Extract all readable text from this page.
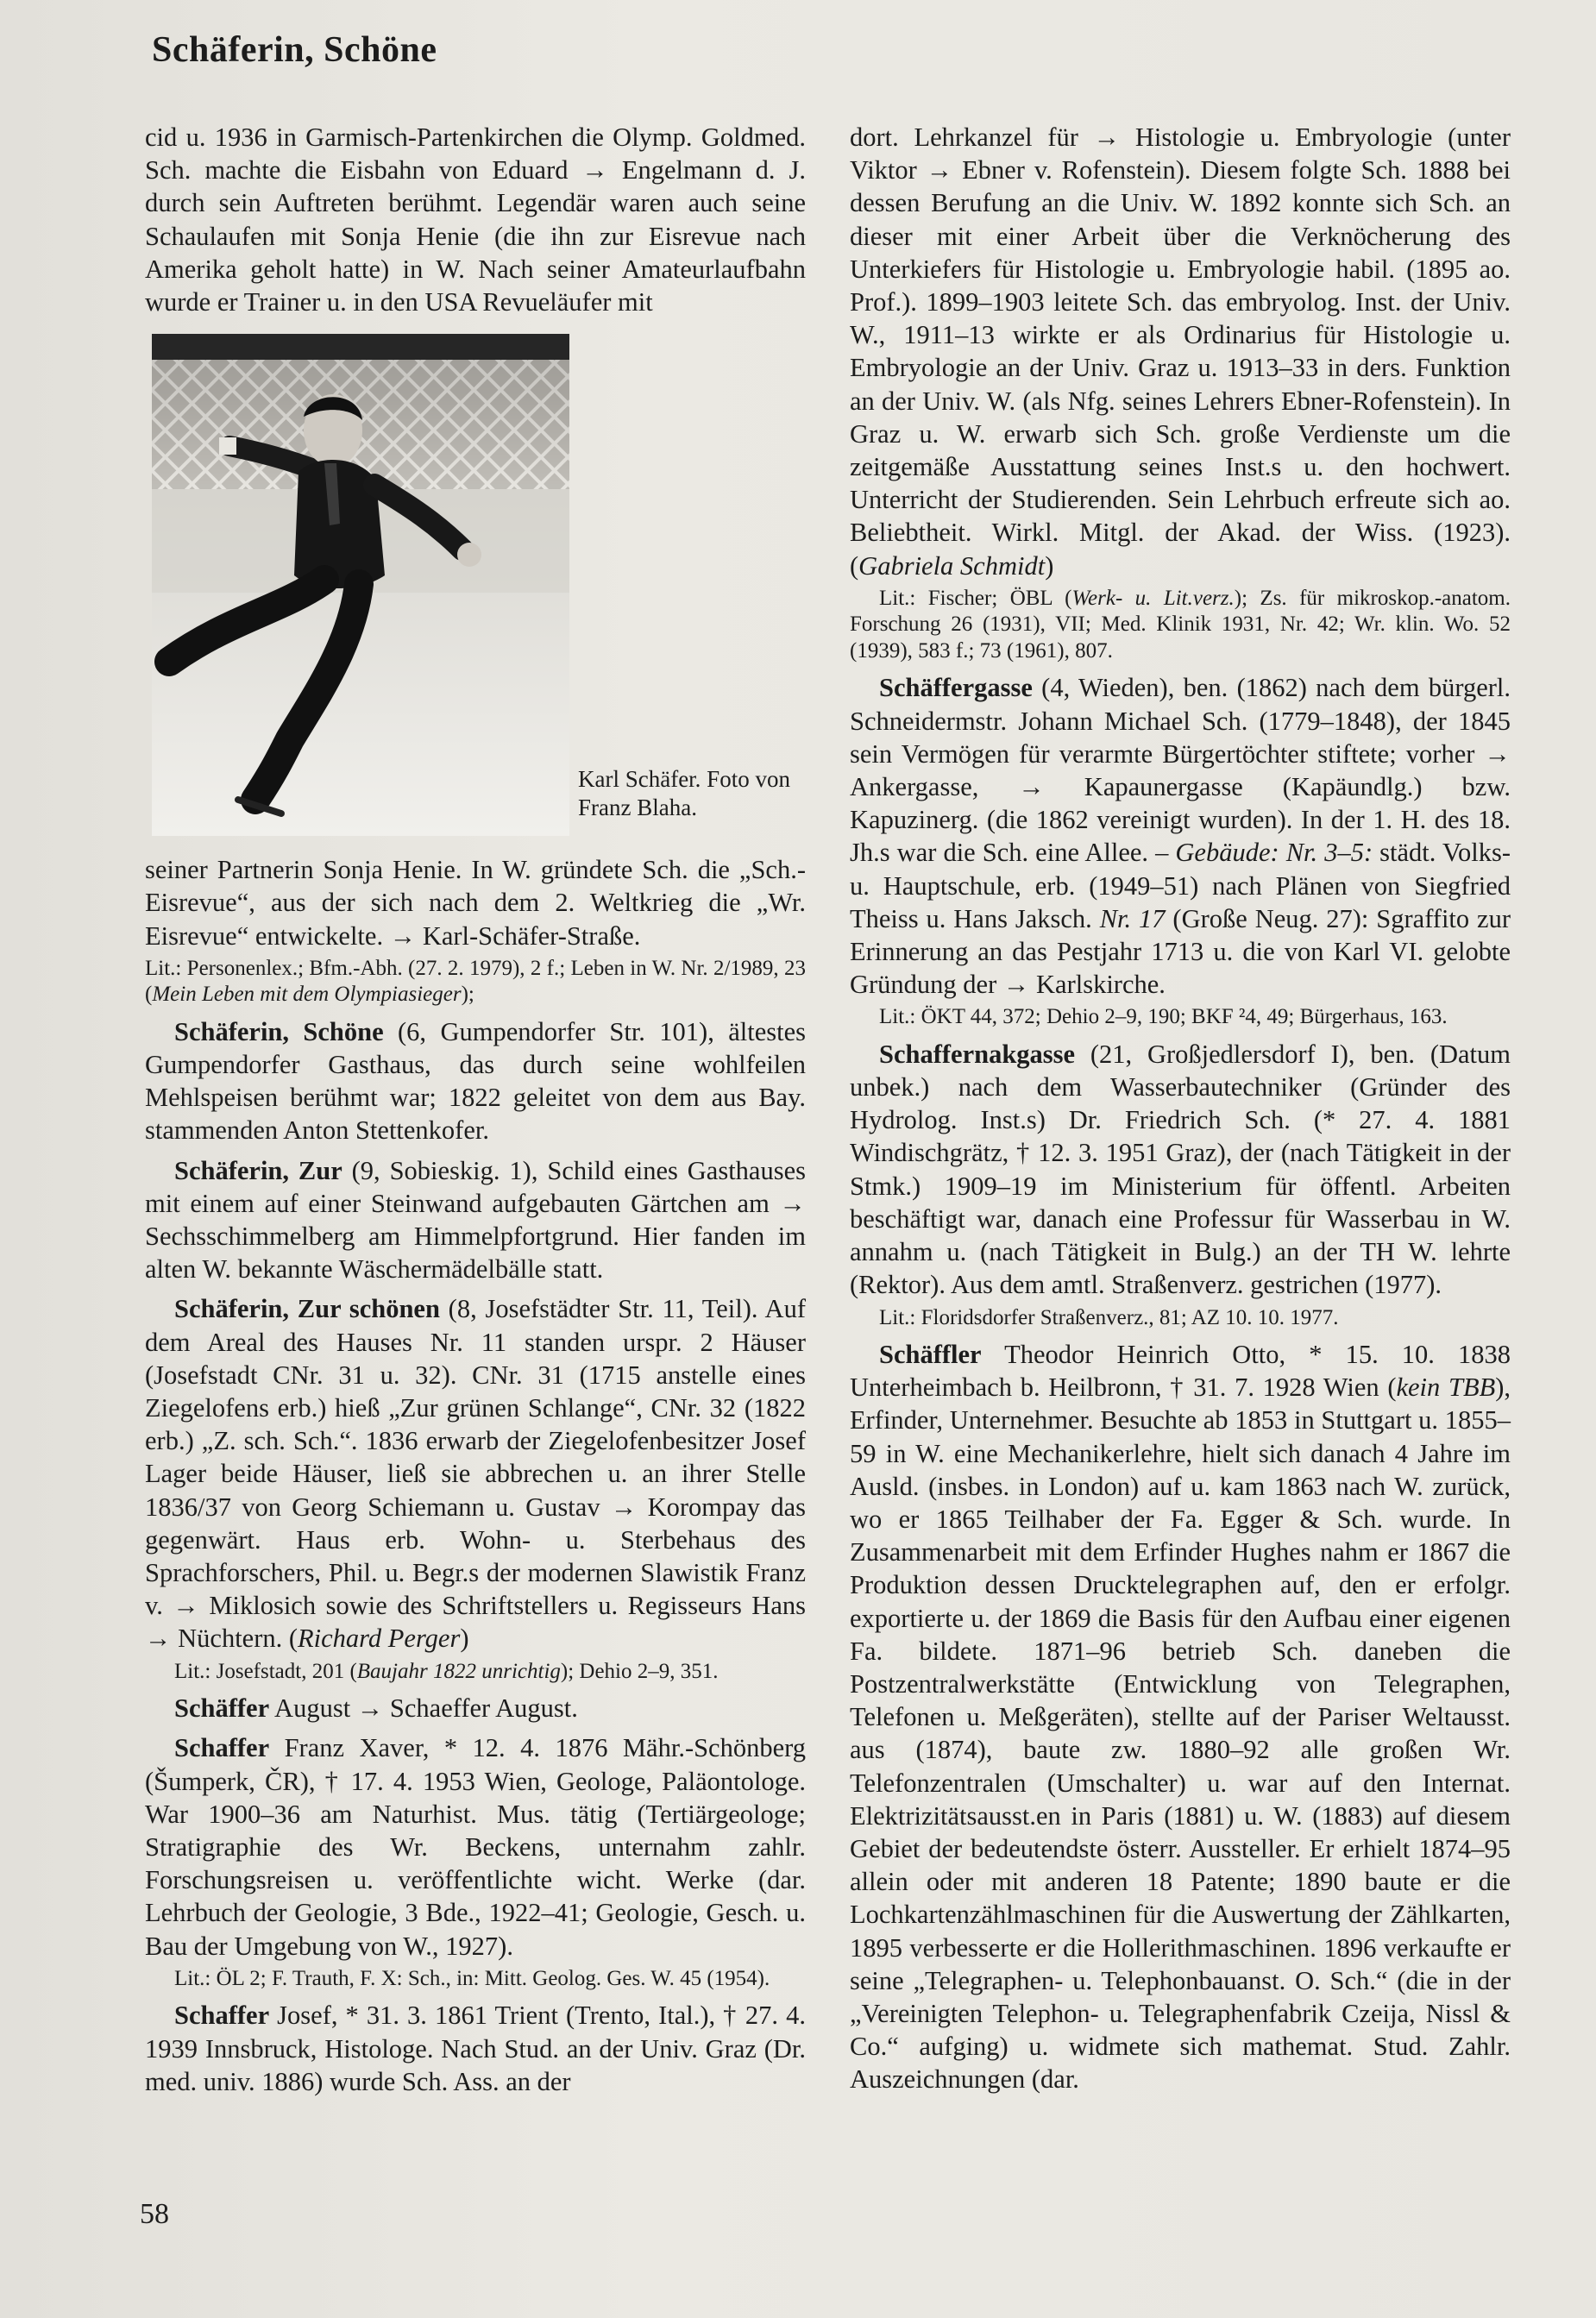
Schäferin, Schöne

cid u. 1936 in Garmisch-Partenkirchen die Olymp. Goldmed. Sch. machte die Eisbahn von Eduard → Engelmann d. J. durch sein Auftreten berühmt. Legendär waren auch seine Schaulaufen mit Sonja Henie (die ihn zur Eisrevue nach Amerika geholt hatte) in W. Nach seiner Amateurlaufbahn wurde er Trainer u. in den USA Revueläufer mit

Karl Schäfer. Foto von Franz Blaha.

seiner Partnerin Sonja Henie. In W. gründete Sch. die „Sch.-Eisrevue“, aus der sich nach dem 2. Weltkrieg die „Wr. Eisrevue“ entwickelte. → Karl-Schäfer-Straße.

Lit.: Personenlex.; Bfm.-Abh. (27. 2. 1979), 2 f.; Leben in W. Nr. 2/1989, 23 (Mein Leben mit dem Olympiasieger);

Schäferin, Schöne (6, Gumpendorfer Str. 101), ältestes Gumpendorfer Gasthaus, das durch seine wohlfeilen Mehlspeisen berühmt war; 1822 geleitet von dem aus Bay. stammenden Anton Stettenkofer.

Schäferin, Zur (9, Sobieskig. 1), Schild eines Gasthauses mit einem auf einer Steinwand aufgebauten Gärtchen am → Sechsschimmelberg am Himmelpfortgrund. Hier fanden im alten W. bekannte Wäschermädelbälle statt.

Schäferin, Zur schönen (8, Josefstädter Str. 11, Teil). Auf dem Areal des Hauses Nr. 11 standen urspr. 2 Häuser (Josefstadt CNr. 31 u. 32). CNr. 31 (1715 anstelle eines Ziegelofens erb.) hieß „Zur grünen Schlange“, CNr. 32 (1822 erb.) „Z. sch. Sch.“. 1836 erwarb der Ziegelofenbesitzer Josef Lager beide Häuser, ließ sie abbrechen u. an ihrer Stelle 1836/37 von Georg Schiemann u. Gustav → Korompay das gegenwärt. Haus erb. Wohn- u. Sterbehaus des Sprachforschers, Phil. u. Begr.s der modernen Slawistik Franz v. → Miklosich sowie des Schriftstellers u. Regisseurs Hans → Nüchtern. (Richard Perger)

Lit.: Josefstadt, 201 (Baujahr 1822 unrichtig); Dehio 2–9, 351.

Schäffer August → Schaeffer August.

Schaffer Franz Xaver, * 12. 4. 1876 Mähr.-Schönberg (Šumperk, ČR), † 17. 4. 1953 Wien, Geologe, Paläontologe. War 1900–36 am Naturhist. Mus. tätig (Tertiärgeologe; Stratigraphie des Wr. Beckens, unternahm zahlr. Forschungsreisen u. veröffentlichte wicht. Werke (dar. Lehrbuch der Geologie, 3 Bde., 1922–41; Geologie, Gesch. u. Bau der Umgebung von W., 1927).

Lit.: ÖL 2; F. Trauth, F. X: Sch., in: Mitt. Geolog. Ges. W. 45 (1954).

Schaffer Josef, * 31. 3. 1861 Trient (Trento, Ital.), † 27. 4. 1939 Innsbruck, Histologe. Nach Stud. an der Univ. Graz (Dr. med. univ. 1886) wurde Sch. Ass. an der

dort. Lehrkanzel für → Histologie u. Embryologie (unter Viktor → Ebner v. Rofenstein). Diesem folgte Sch. 1888 bei dessen Berufung an die Univ. W. 1892 konnte sich Sch. an dieser mit einer Arbeit über die Verknöcherung des Unterkiefers für Histologie u. Embryologie habil. (1895 ao. Prof.). 1899–1903 leitete Sch. das embryolog. Inst. der Univ. W., 1911–13 wirkte er als Ordinarius für Histologie u. Embryologie an der Univ. Graz u. 1913–33 in ders. Funktion an der Univ. W. (als Nfg. seines Lehrers Ebner-Rofenstein). In Graz u. W. erwarb sich Sch. große Verdienste um die zeitgemäße Ausstattung seines Inst.s u. den hochwert. Unterricht der Studierenden. Sein Lehrbuch erfreute sich ao. Beliebtheit. Wirkl. Mitgl. der Akad. der Wiss. (1923). (Gabriela Schmidt)

Lit.: Fischer; ÖBL (Werk- u. Lit.verz.); Zs. für mikroskop.-anatom. Forschung 26 (1931), VII; Med. Klinik 1931, Nr. 42; Wr. klin. Wo. 52 (1939), 583 f.; 73 (1961), 807.

Schäffergasse (4, Wieden), ben. (1862) nach dem bürgerl. Schneidermstr. Johann Michael Sch. (1779–1848), der 1845 sein Vermögen für verarmte Bürgertöchter stiftete; vorher → Ankergasse, → Kapaunergasse (Kapäundlg.) bzw. Kapuzinerg. (die 1862 vereinigt wurden). In der 1. H. des 18. Jh.s war die Sch. eine Allee. – Gebäude: Nr. 3–5: städt. Volks- u. Hauptschule, erb. (1949–51) nach Plänen von Siegfried Theiss u. Hans Jaksch. Nr. 17 (Große Neug. 27): Sgraffito zur Erinnerung an das Pestjahr 1713 u. die von Karl VI. gelobte Gründung der → Karlskirche.

Lit.: ÖKT 44, 372; Dehio 2–9, 190; BKF ²4, 49; Bürgerhaus, 163.

Schaffernakgasse (21, Großjedlersdorf I), ben. (Datum unbek.) nach dem Wasserbautechniker (Gründer des Hydrolog. Inst.s) Dr. Friedrich Sch. (* 27. 4. 1881 Windischgrätz, † 12. 3. 1951 Graz), der (nach Tätigkeit in der Stmk.) 1909–19 im Ministerium für öffentl. Arbeiten beschäftigt war, danach eine Professur für Wasserbau in W. annahm u. (nach Tätigkeit in Bulg.) an der TH W. lehrte (Rektor). Aus dem amtl. Straßenverz. gestrichen (1977).

Lit.: Floridsdorfer Straßenverz., 81; AZ 10. 10. 1977.

Schäffler Theodor Heinrich Otto, * 15. 10. 1838 Unterheimbach b. Heilbronn, † 31. 7. 1928 Wien (kein TBB), Erfinder, Unternehmer. Besuchte ab 1853 in Stuttgart u. 1855–59 in W. eine Mechanikerlehre, hielt sich danach 4 Jahre im Ausld. (insbes. in London) auf u. kam 1863 nach W. zurück, wo er 1865 Teilhaber der Fa. Egger & Sch. wurde. In Zusammenarbeit mit dem Erfinder Hughes nahm er 1867 die Produktion dessen Drucktelegraphen auf, den er erfolgr. exportierte u. der 1869 die Basis für den Aufbau einer eigenen Fa. bildete. 1871–96 betrieb Sch. daneben die Postzentralwerkstätte (Entwicklung von Telegraphen, Telefonen u. Meßgeräten), stellte auf der Pariser Weltausst. aus (1874), baute zw. 1880–92 alle großen Wr. Telefonzentralen (Umschalter) u. war auf den Internat. Elektrizitätsausst.en in Paris (1881) u. W. (1883) auf diesem Gebiet der bedeutendste österr. Aussteller. Er erhielt 1874–95 allein oder mit anderen 18 Patente; 1890 baute er die Lochkartenzählmaschinen für die Auswertung der Zählkarten, 1895 verbesserte er die Hollerithmaschinen. 1896 verkaufte er seine „Telegraphen- u. Telephonbauanst. O. Sch.“ (die in der „Vereinigten Telephon- u. Telegraphenfabrik Czeija, Nissl & Co.“ aufging) u. widmete sich mathemat. Stud. Zahlr. Auszeichnungen (dar.

58
